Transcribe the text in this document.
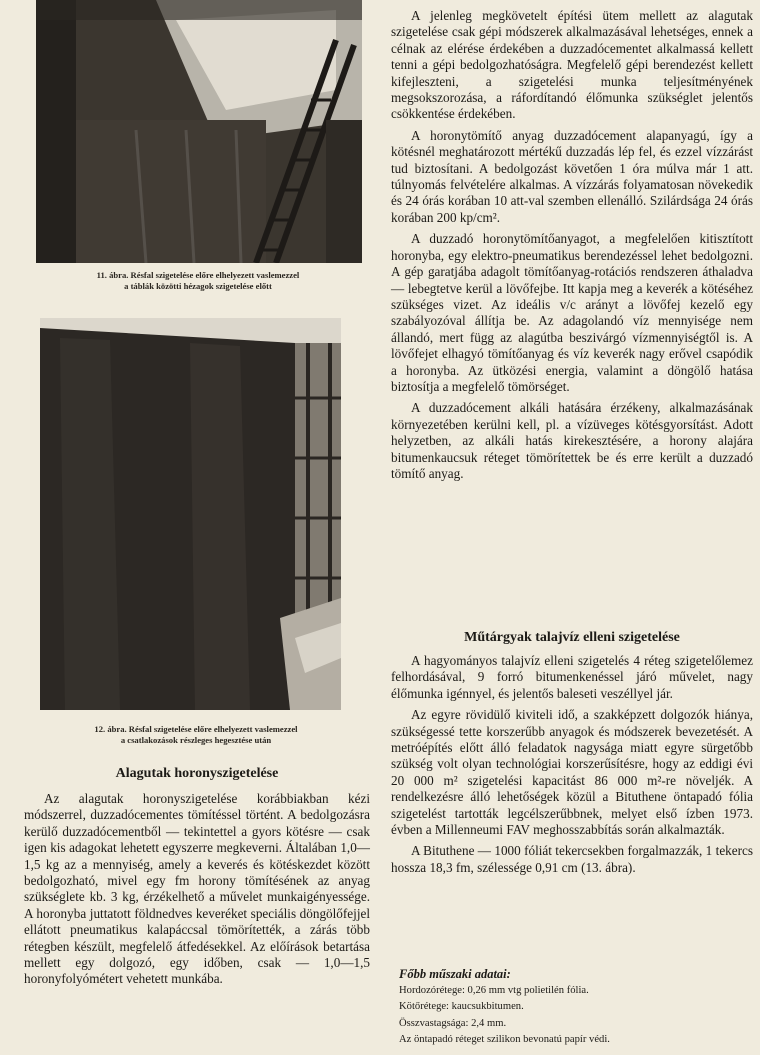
11. ábra. Résfal szigetelése előre elhelyezett vaslemezzel
a táblák közötti hézagok szigetelése előtt
12. ábra. Résfal szigetelése előre elhelyezett vaslemezzel
a csatlakozások részleges hegesztése után
Alagutak horonyszigetelése

Az alagutak horonyszigetelése korábbiakban kézi módszerrel, duzzadócementes tömítéssel történt. A bedolgozásra kerülő duzzadócementből — tekintettel a gyors kötésre — csak igen kis adagokat lehetett egyszerre megkeverni. Általában 1,0—1,5 kg az a mennyiség, amely a keverés és kötéskezdet között bedolgozható, mivel egy fm horony tömítésének az anyag szükséglete kb. 3 kg, érzékelhető a művelet munkaigényessége. A horonyba juttatott földnedves keveréket speciális döngölőfejjel ellátott pneumatikus kalapáccsal tömörítették, a zárás több rétegben készült, megfelelő átfedésekkel. Az előírások betartása mellett egy dolgozó, egy időben, csak — 1,0—1,5 horonyfolyómétert vehetett munkába.

A jelenleg megkövetelt építési ütem mellett az alagutak szigetelése csak gépi módszerek alkalmazásával lehetséges, ennek a célnak az elérése érdekében a duzzadócementet alkalmassá kellett tenni a gépi bedolgozhatóságra. Megfelelő gépi berendezést kellett kifejleszteni, a szigetelési munka teljesítményének megsokszorozása, a ráfordítandó élőmunka szükséglet jelentős csökkentése érdekében.

A horonytömítő anyag duzzadócement alapanyagú, így a kötésnél meghatározott mértékű duzzadás lép fel, és ezzel vízzárást tud biztosítani. A bedolgozást követően 1 óra múlva már 1 att. túlnyomás felvételére alkalmas. A vízzárás folyamatosan növekedik és 24 órás korában 10 att-val szemben ellenálló. Szilárdsága 24 órás korában 200 kp/cm².

A duzzadó horonytömítőanyagot, a megfelelően kitisztított horonyba, egy elektro-pneumatikus berendezéssel lehet bedolgozni. A gép garatjába adagolt tömítőanyag-rotációs rendszeren áthaladva — lebegtetve kerül a lövőfejbe. Itt kapja meg a keverék a kötéséhez szükséges vizet. Az ideális v/c arányt a lövőfej kezelő egy szabályozóval állítja be. Az adagolandó víz mennyisége nem állandó, mert függ az alagútba beszivárgó vízmennyiségtől is. A lövőfejet elhagyó tömítőanyag és víz keverék nagy erővel csapódik a horonyba. Az ütközési energia, valamint a döngölő hatása biztosítja a megfelelő tömörséget.

A duzzadócement alkáli hatására érzékeny, alkalmazásának környezetében kerülni kell, pl. a vízüveges kötésgyorsítást. Adott helyzetben, az alkáli hatás kirekesztésére, a horony alajára bitumenkaucsuk réteget tömörítettek be és erre került a duzzadó tömítő anyag.

Műtárgyak talajvíz elleni szigetelése

A hagyományos talajvíz elleni szigetelés 4 réteg szigetelőlemez felhordásával, 9 forró bitumenkenéssel járó művelet, nagy élőmunka igénnyel, és jelentős baleseti veszéllyel jár.

Az egyre rövidülő kiviteli idő, a szakképzett dolgozók hiánya, szükségessé tette korszerűbb anyagok és módszerek bevezetését. A metróépítés előtt álló feladatok nagysága miatt egyre sürgetőbb szükség volt olyan technológiai korszerűsítésre, hogy az eddigi évi 20 000 m² szigetelési kapacitást 86 000 m²-re növeljék. A rendelkezésre álló lehetőségek közül a Bituthene öntapadó fólia szigetelést tartották legcélszerűbbnek, melyet első ízben 1973. évben a Millenneumi FAV meghosszabbítás során alkalmazták.

A Bituthene — 1000 fóliát tekercsekben forgalmazzák, 1 tekercs hossza 18,3 fm, szélessége 0,91 cm (13. ábra).

Főbb műszaki adatai:
Hordozórétege: 0,26 mm vtg polietilén fólia.
Kötőrétege: kaucsukbitumen.
Összvastagsága: 2,4 mm.
Az öntapadó réteget szilikon bevonatú papír védi.
